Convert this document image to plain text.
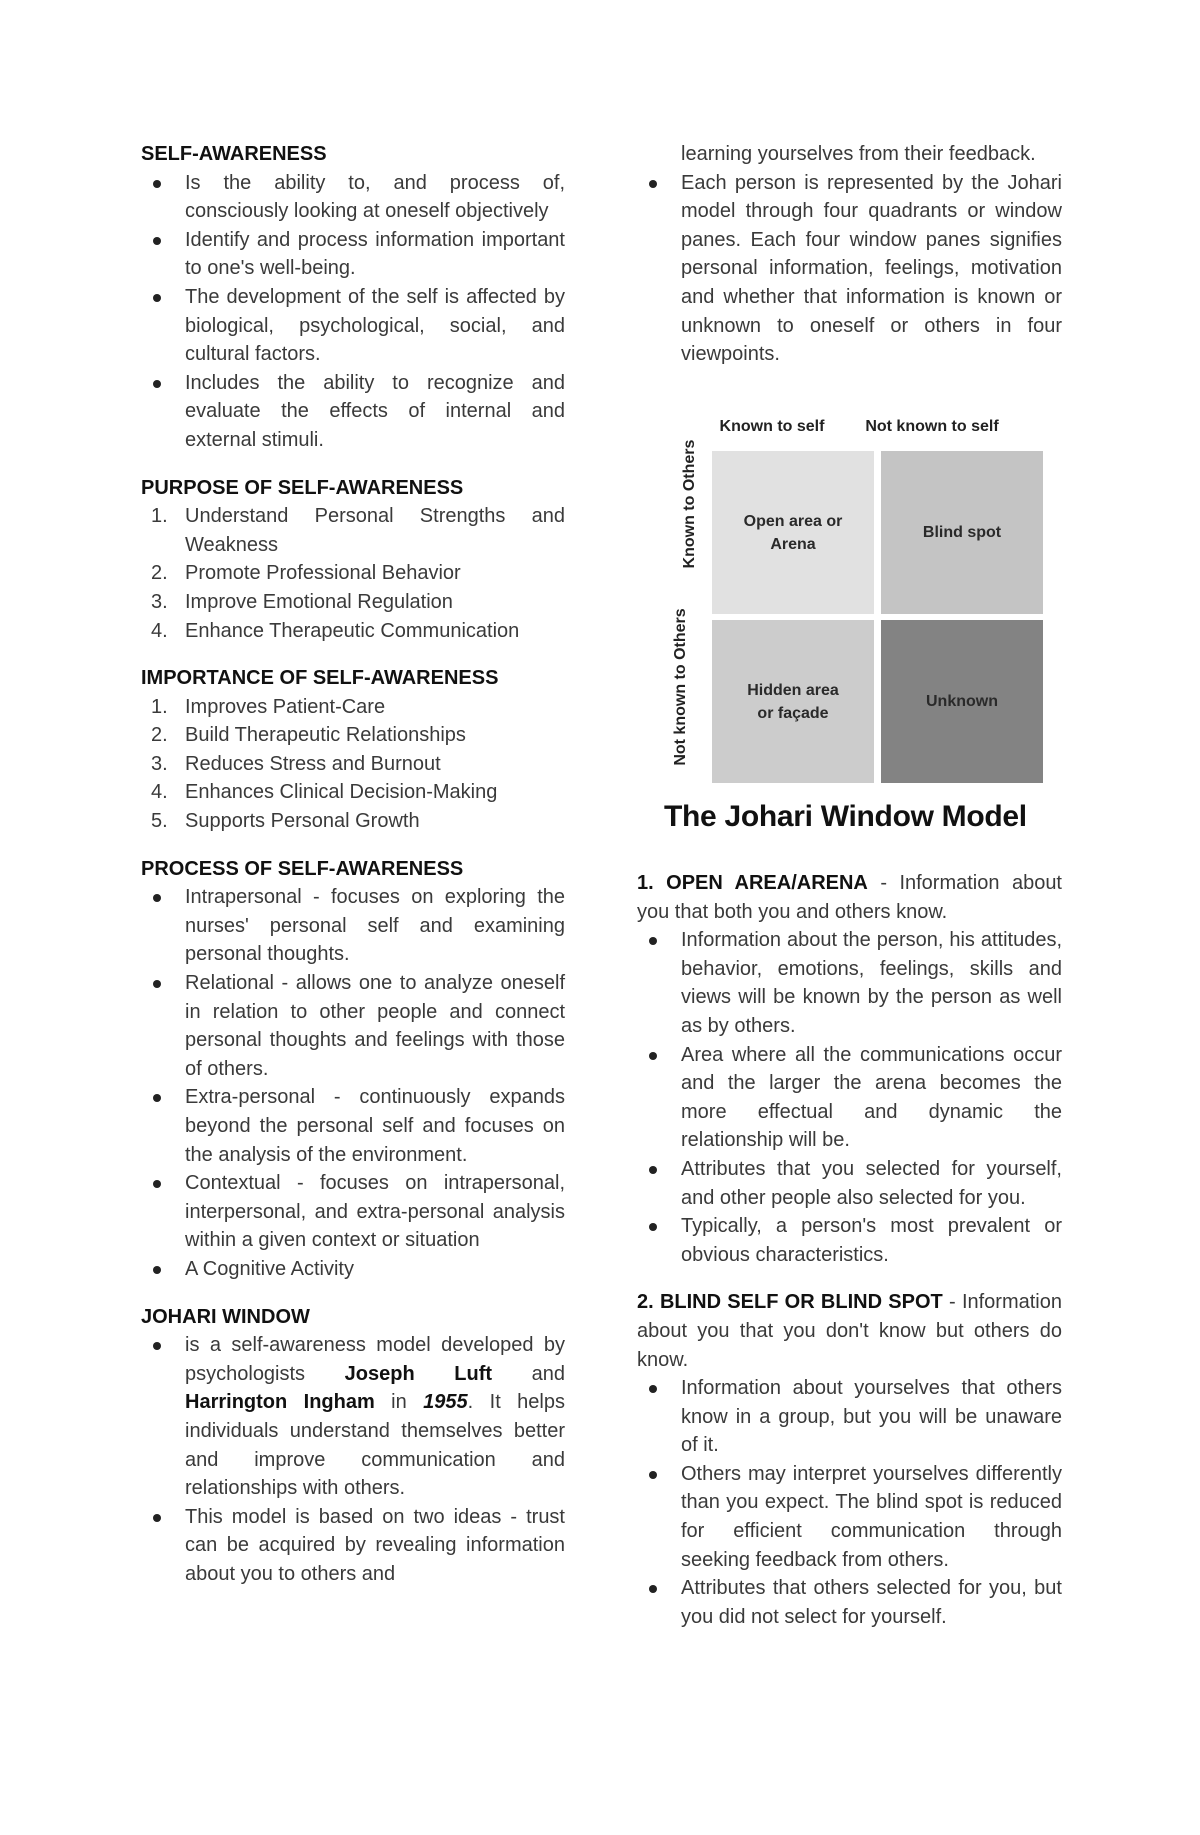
SELF-AWARENESS
Is the ability to, and process of, consciously looking at oneself objectively
Identify and process information important to one's well-being.
The development of the self is affected by biological, psychological, social, and cultural factors.
Includes the ability to recognize and evaluate the effects of internal and external stimuli.
PURPOSE OF SELF-AWARENESS
1. Understand Personal Strengths and Weakness
2. Promote Professional Behavior
3. Improve Emotional Regulation
4. Enhance Therapeutic Communication
IMPORTANCE OF SELF-AWARENESS
1. Improves Patient-Care
2. Build Therapeutic Relationships
3. Reduces Stress and Burnout
4. Enhances Clinical Decision-Making
5. Supports Personal Growth
PROCESS OF SELF-AWARENESS
Intrapersonal - focuses on exploring the nurses' personal self and examining personal thoughts.
Relational - allows one to analyze oneself in relation to other people and connect personal thoughts and feelings with those of others.
Extra-personal - continuously expands beyond the personal self and focuses on the analysis of the environment.
Contextual - focuses on intrapersonal, interpersonal, and extra-personal analysis within a given context or situation
A Cognitive Activity
JOHARI WINDOW
is a self-awareness model developed by psychologists Joseph Luft and Harrington Ingham in 1955. It helps individuals understand themselves better and improve communication and relationships with others.
This model is based on two ideas - trust can be acquired by revealing information about you to others and

learning yourselves from their feedback.

Each person is represented by the Johari model through four quadrants or window panes. Each four window panes signifies personal information, feelings, motivation and whether that information is known or unknown to oneself or others in four viewpoints.
Known to self	Not known to self
Known to Others
Not known to Others
Open area or Arena
Blind spot
Hidden area or façade
Unknown
The Johari Window Model

1. OPEN AREA/ARENA - Information about you that both you and others know.

Information about the person, his attitudes, behavior, emotions, feelings, skills and views will be known by the person as well as by others.
Area where all the communications occur and the larger the arena becomes the more effectual and dynamic the relationship will be.
Attributes that you selected for yourself, and other people also selected for you.
Typically, a person's most prevalent or obvious characteristics.

2. BLIND SELF OR BLIND SPOT - Information about you that you don't know but others do know.

Information about yourselves that others know in a group, but you will be unaware of it.
Others may interpret yourselves differently than you expect. The blind spot is reduced for efficient communication through seeking feedback from others.
Attributes that others selected for you, but you did not select for yourself.
